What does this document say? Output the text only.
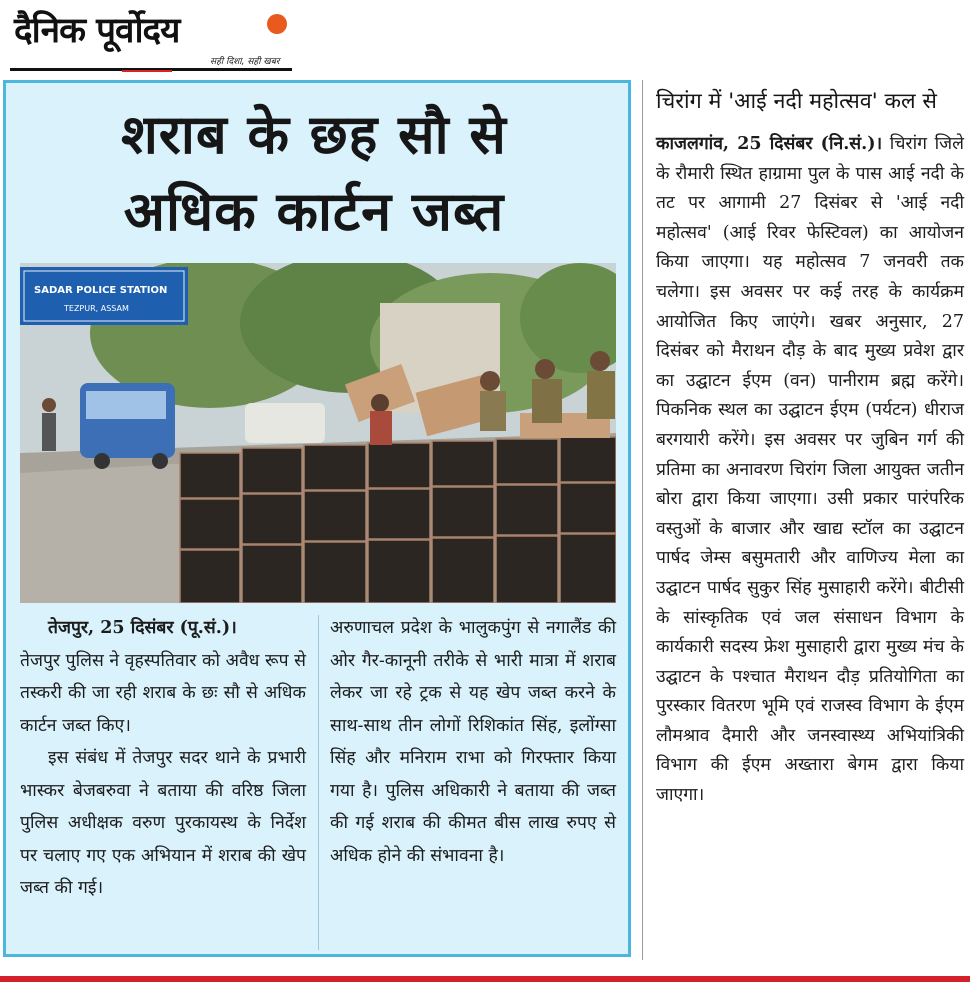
दैनिक पूर्वोदय
सही दिशा, सही खबर
शराब के छह सौ से
अधिक कार्टन जब्त
SADAR POLICE STATION
TEZPUR, ASSAM

तेजपुर, 25 दिसंबर (पू.सं.)।
तेजपुर पुलिस ने वृहस्पतिवार को अवैध रूप से तस्करी की जा रही शराब के छः सौ से अधिक कार्टन जब्त किए।

इस संबंध में तेजपुर सदर थाने के प्रभारी भास्कर बेजबरुवा ने बताया की वरिष्ठ जिला पुलिस अधीक्षक वरुण पुरकायस्थ के निर्देश पर चलाए गए एक अभियान में शराब की खेप जब्त की गई।

अरुणाचल प्रदेश के भालुकपुंग से नगालैंड की ओर गैर-कानूनी तरीके से भारी मात्रा में शराब लेकर जा रहे ट्रक से यह खेप जब्त करने के साथ-साथ तीन लोगों रिशिकांत सिंह, इलोंग्सा सिंह और मनिराम राभा को गिरफ्तार किया गया है। पुलिस अधिकारी ने बताया की जब्त की गई शराब की कीमत बीस लाख रुपए से अधिक होने की संभावना है।

चिरांग में 'आई नदी महोत्सव' कल से

काजलगांव, 25 दिसंबर (नि.सं.)। चिरांग जिले के रौमारी स्थित हाग्रामा पुल के पास आई नदी के तट पर आगामी 27 दिसंबर से 'आई नदी महोत्सव' (आई रिवर फेस्टिवल) का आयोजन किया जाएगा। यह महोत्सव 7 जनवरी तक चलेगा। इस अवसर पर कई तरह के कार्यक्रम आयोजित किए जाएंगे। खबर अनुसार, 27 दिसंबर को मैराथन दौड़ के बाद मुख्य प्रवेश द्वार का उद्घाटन ईएम (वन) पानीराम ब्रह्म करेंगे। पिकनिक स्थल का उद्घाटन ईएम (पर्यटन) धीराज बरगयारी करेंगे। इस अवसर पर जुबिन गर्ग की प्रतिमा का अनावरण चिरांग जिला आयुक्त जतीन बोरा द्वारा किया जाएगा। उसी प्रकार पारंपरिक वस्तुओं के बाजार और खाद्य स्टॉल का उद्घाटन पार्षद जेम्स बसुमतारी और वाणिज्य मेला का उद्घाटन पार्षद सुकुर सिंह मुसाहारी करेंगे। बीटीसी के सांस्कृतिक एवं जल संसाधन विभाग के कार्यकारी सदस्य फ्रेश मुसाहारी द्वारा मुख्य मंच के उद्घाटन के पश्चात मैराथन दौड़ प्रतियोगिता का पुरस्कार वितरण भूमि एवं राजस्व विभाग के ईएम लौमश्राव दैमारी और जनस्वास्थ्य अभियांत्रिकी विभाग की ईएम अख्तारा बेगम द्वारा किया जाएगा।
